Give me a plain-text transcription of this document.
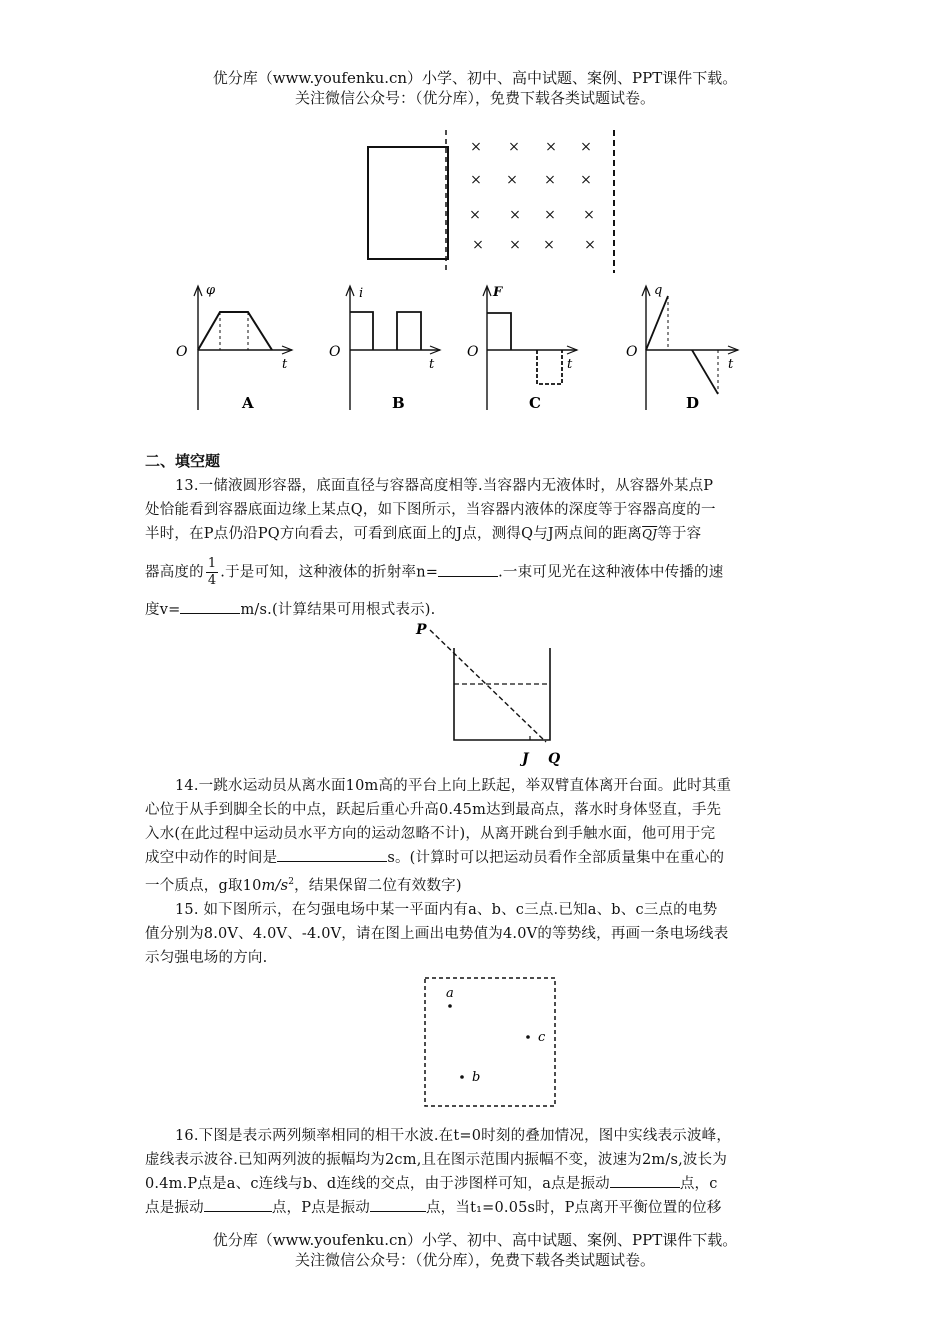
优分库（www.youfenku.cn）小学、初中、高中试题、案例、PPT课件下载。
关注微信公众号：（优分库），免费下载各类试题试卷。
× × × ×
× × × ×
× × × ×
× × × ×
φ
O
t
A
i
O
t
B
F
O
t
C
q
O
t
D
二、填空题
13.一储液圆形容器，底面直径与容器高度相等.当容器内无液体时，从容器外某点P
处恰能看到容器底面边缘上某点Q，如下图所示，当容器内液体的深度等于容器高度的一
半时，在P点仍沿PQ方向看去，可看到底面上的J点，测得Q与J两点间的距离$\overline{QJ}$等于容
器高度的 $\frac{1}{4}$ .于是可知，这种液体的折射率n=	.一束可见光在这种液体中传播的速
度v=	m/s.(计算结果可用根式表示).
P
J Q
14.一跳水运动员从离水面10m高的平台上向上跃起，举双臂直体离开台面。此时其重
心位于从手到脚全长的中点，跃起后重心升高0.45m达到最高点，落水时身体竖直，手先
入水(在此过程中运动员水平方向的运动忽略不计)，从离开跳台到手触水面，他可用于完
成空中动作的时间是	s。(计算时可以把运动员看作全部质量集中在重心的
一个质点，g取$10m/s^2$，结果保留二位有效数字)
15. 如下图所示，在匀强电场中某一平面内有a、b、c三点.已知a、b、c三点的电势
值分别为8.0V、4.0V、-4.0V，请在图上画出电势值为4.0V的等势线，再画一条电场线表
示匀强电场的方向.
a
b
c
16.下图是表示两列频率相同的相干水波.在t=0时刻的叠加情况，图中实线表示波峰，
虚线表示波谷.已知两列波的振幅均为2cm,且在图示范围内振幅不变，波速为2m/s,波长为
0.4m.P点是a、c连线与b、d连线的交点，由于涉图样可知，a点是振动	点，c
点是振动	点，P点是振动	点，当t₁=0.05s时，P点离开平衡位置的位移
优分库（www.youfenku.cn）小学、初中、高中试题、案例、PPT课件下载。
关注微信公众号：（优分库），免费下载各类试题试卷。
